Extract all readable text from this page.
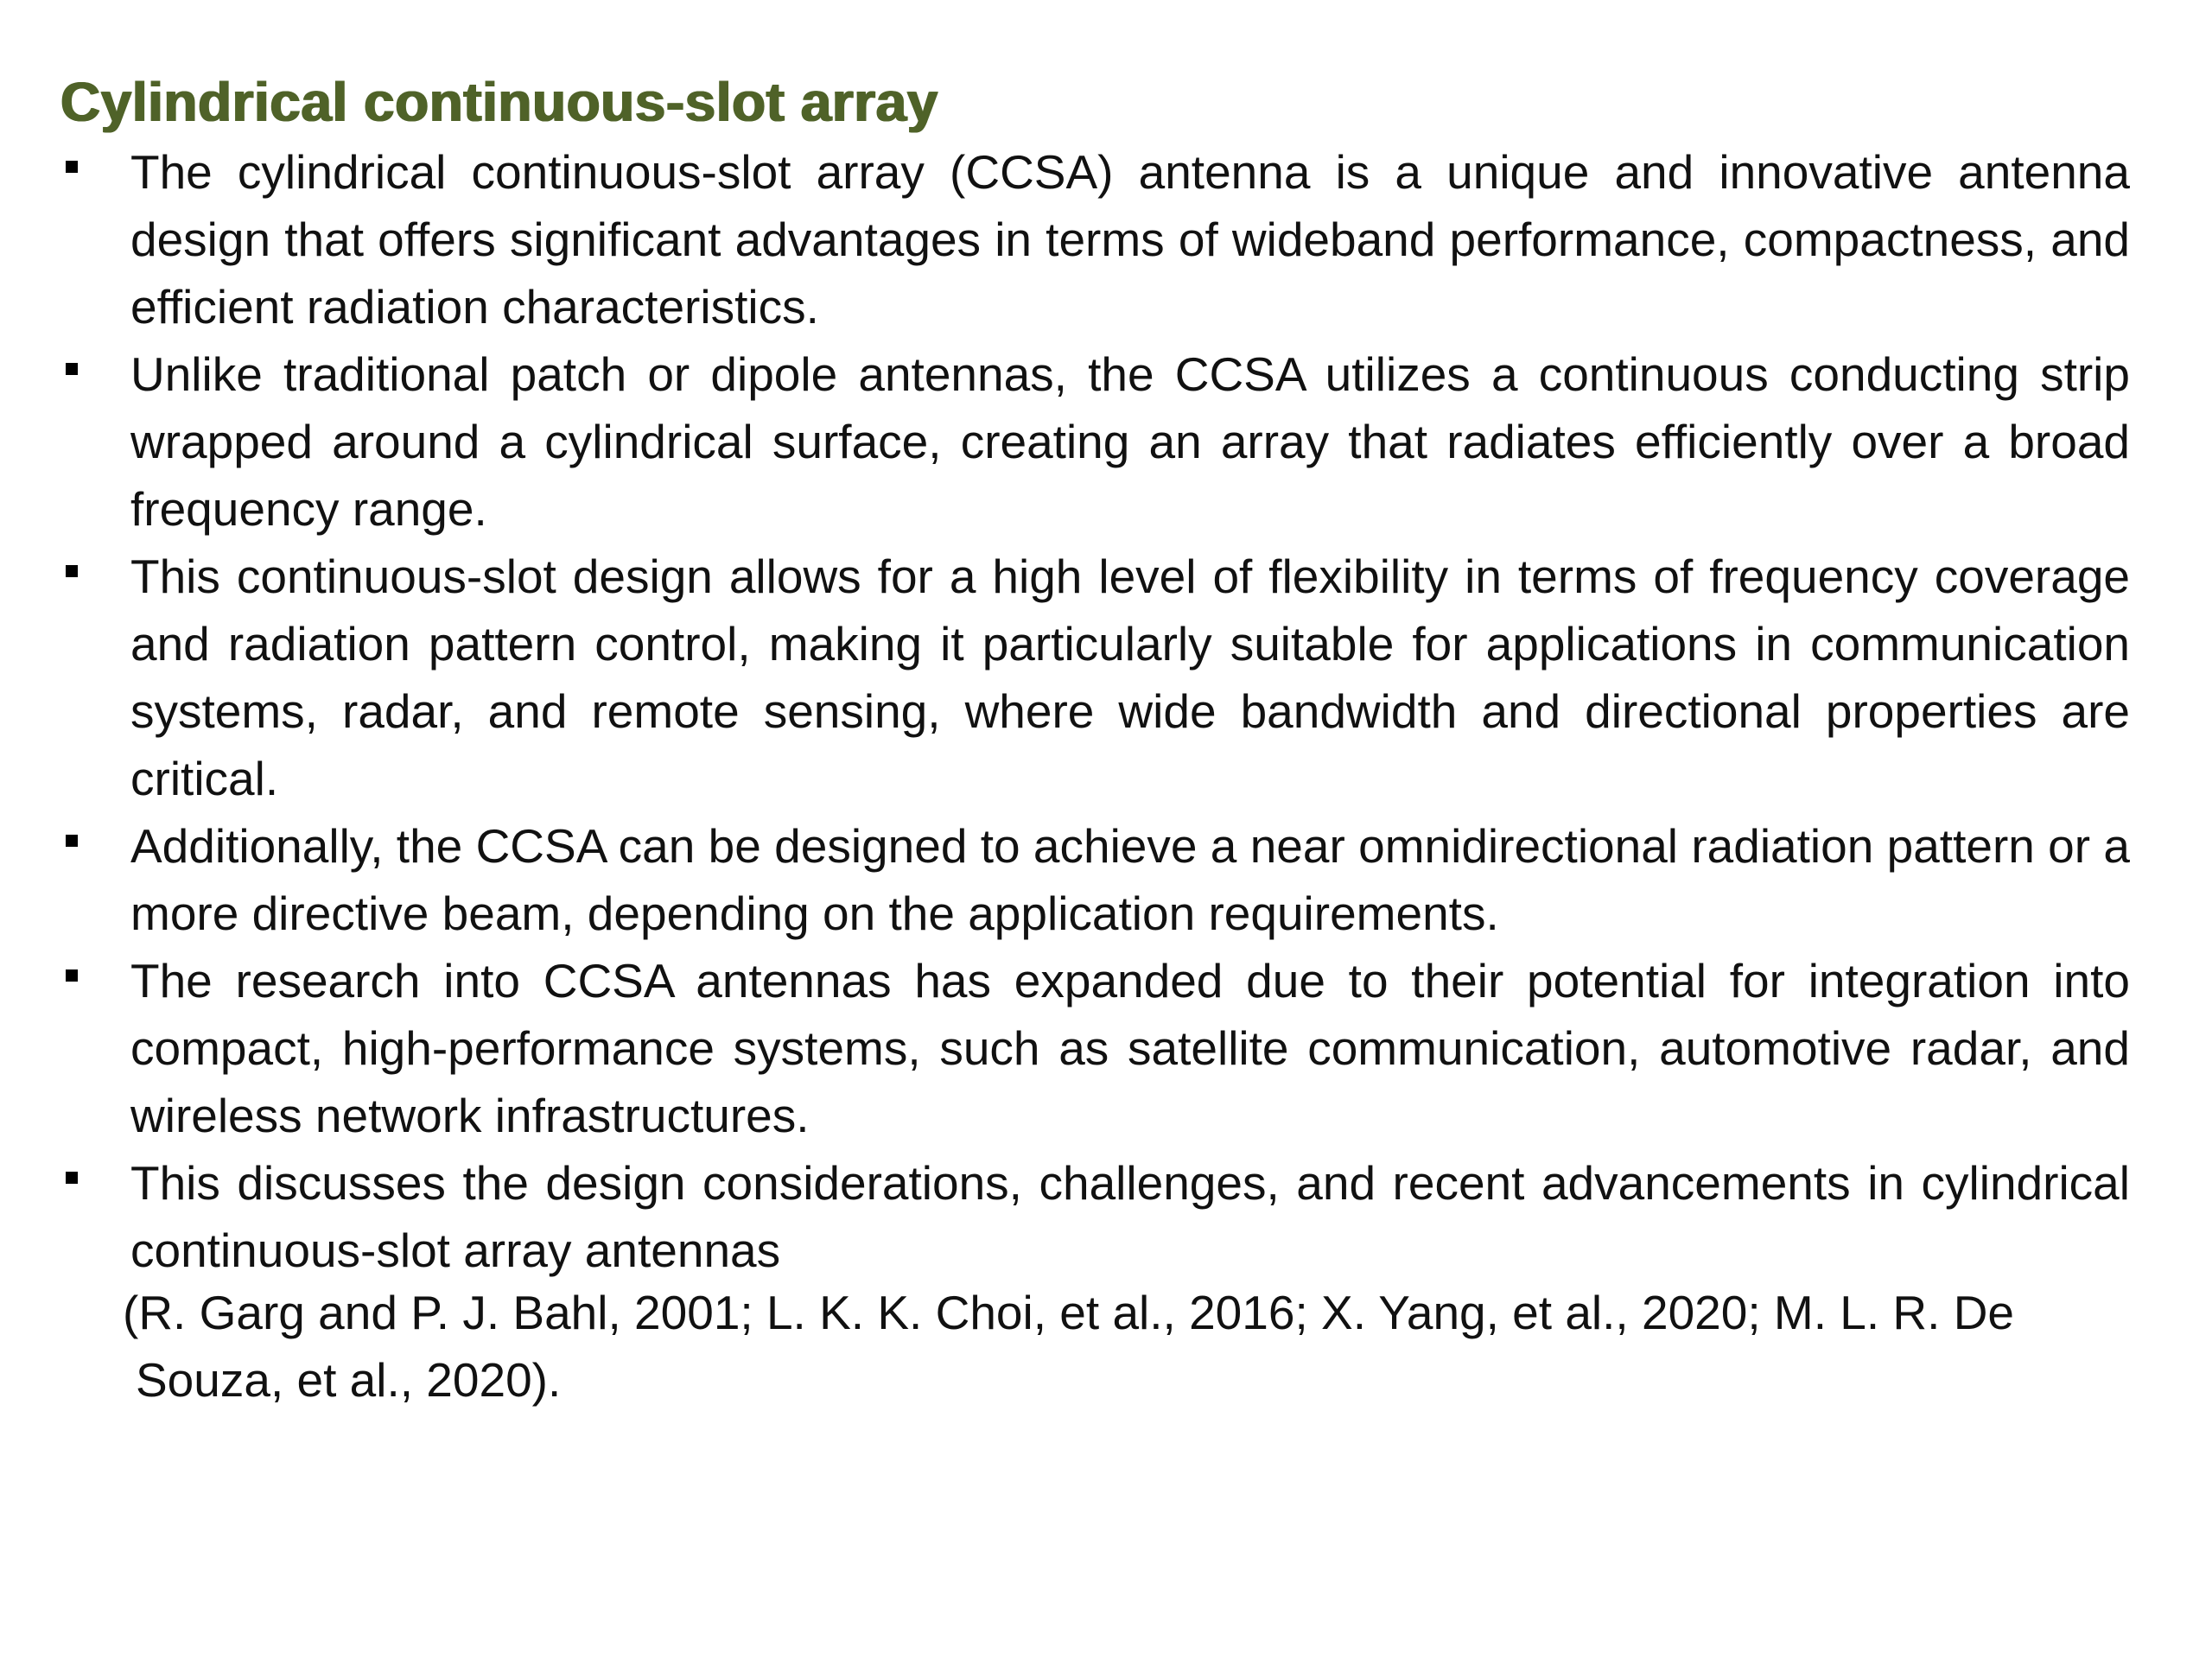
Cylindrical continuous-slot array
The cylindrical continuous-slot array (CCSA) antenna is a unique and innovative antenna design that offers significant advantages in terms of wideband performance, compactness, and efficient radiation characteristics.
Unlike traditional patch or dipole antennas, the CCSA utilizes a continuous conducting strip wrapped around a cylindrical surface, creating an array that radiates efficiently over a broad frequency range.
This continuous-slot design allows for a high level of flexibility in terms of frequency coverage and radiation pattern control, making it particularly suitable for applications in communication systems, radar, and remote sensing, where wide bandwidth and directional properties are critical.
Additionally, the CCSA can be designed to achieve a near omnidirectional radiation pattern or a more directive beam, depending on the application requirements.
The research into CCSA antennas has expanded due to their potential for integration into compact, high-performance systems, such as satellite communication, automotive radar, and wireless network infrastructures.
This discusses the design considerations, challenges, and recent advancements in cylindrical continuous-slot array antennas

(R. Garg and P. J. Bahl, 2001; L. K. K. Choi, et al., 2016; X. Yang, et al., 2020; M. L. R. De
Souza, et al., 2020).
